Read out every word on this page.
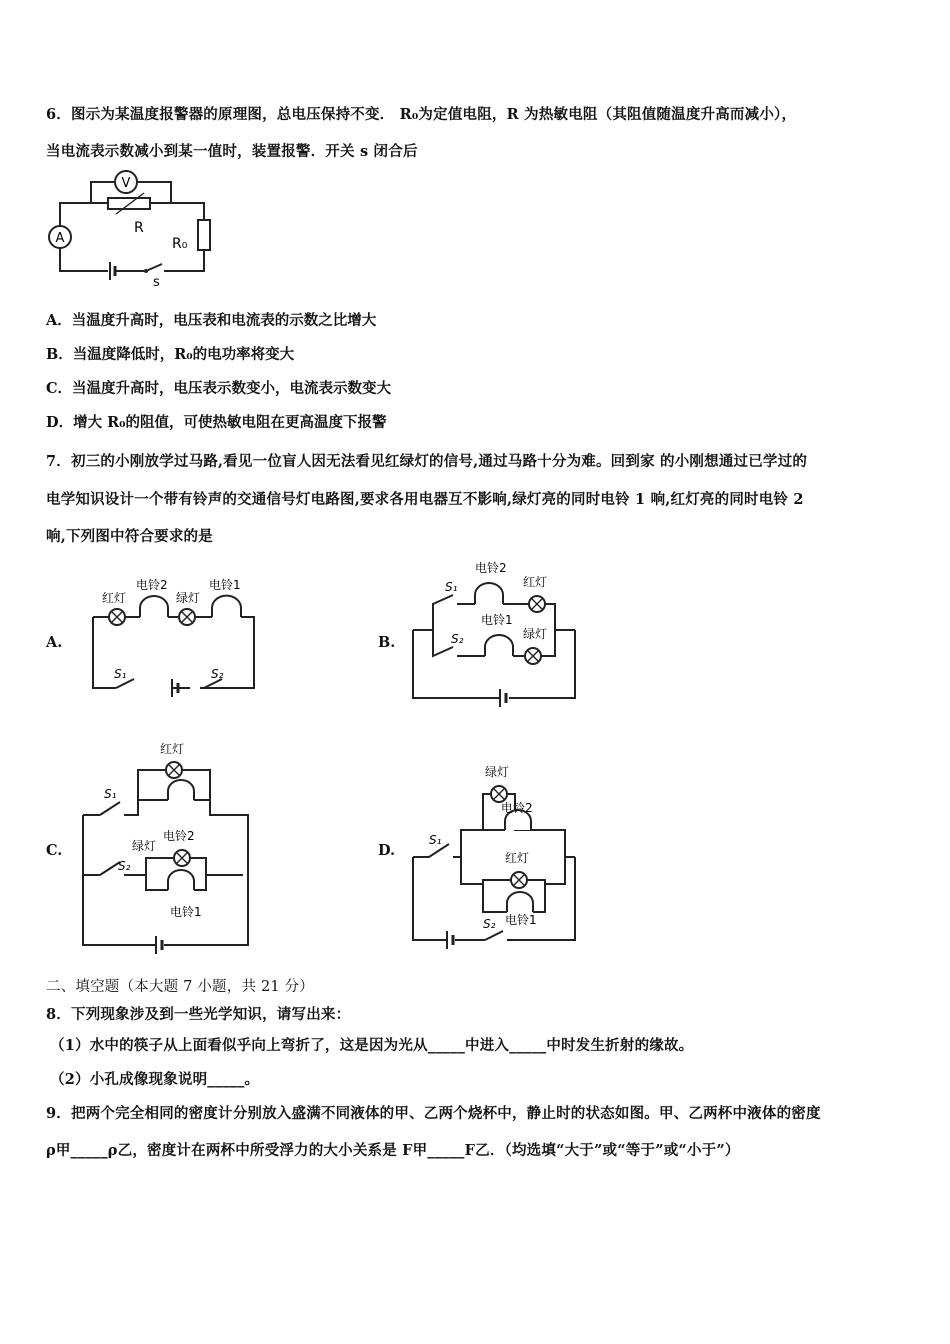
6．图示为某温度报警器的原理图，总电压保持不变． R₀为定值电阻，R 为热敏电阻（其阻值随温度升高而减小），
当电流表示数减小到某一值时，装置报警．开关 s 闭合后
V
A
R
R₀
s
A．当温度升高时，电压表和电流表的示数之比增大
B．当温度降低时，R₀的电功率将变大
C．当温度升高时，电压表示数变小，电流表示数变大
D．增大 R₀的阻值，可使热敏电阻在更高温度下报警
7．初三的小刚放学过马路,看见一位盲人因无法看见红绿灯的信号,通过马路十分为难。回到家 的小刚想通过已学过的
电学知识设计一个带有铃声的交通信号灯电路图,要求各用电器互不影响,绿灯亮的同时电铃 1 响,红灯亮的同时电铃 2
响,下列图中符合要求的是
A.	B.
C.	D.
红灯
电铃2
绿灯
电铃1
S₁	S₂
S₁
电铃2
红灯
S₂
电铃1
绿灯
红灯
S₁
电铃2
绿灯
S₂
电铃1
绿灯
电铃2
S₁
红灯
电铃1
S₂
二、填空题（本大题 7 小题，共 21 分）
8．下列现象涉及到一些光学知识，请写出来：
（1）水中的筷子从上面看似乎向上弯折了，这是因为光从_____中进入_____中时发生折射的缘故。
（2）小孔成像现象说明_____。
9．把两个完全相同的密度计分别放入盛满不同液体的甲、乙两个烧杯中，静止时的状态如图。甲、乙两杯中液体的密度
ρ甲_____ρ乙，密度计在两杯中所受浮力的大小关系是 F甲_____F乙．（均选填“大于”或“等于”或“小于”）
